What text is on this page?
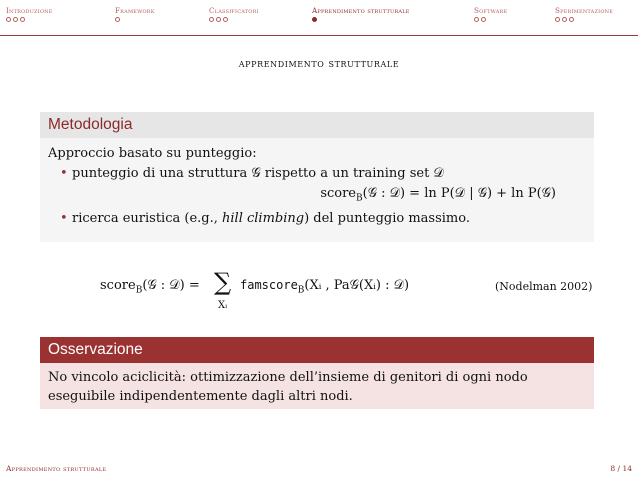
Introduzione	Framework	Classificatori	Apprendimento strutturale	Software	Sperimentazione
apprendimento strutturale
Metodologia
Approccio basato su punteggio:
• punteggio di una struttura 𝒢 rispetto a un training set 𝒟
score$_B$(𝒢 : 𝒟) = ln P(𝒟 | 𝒢) + ln P(𝒢)
• ricerca euristica (e.g., hill climbing) del punteggio massimo.
score$_B$(𝒢 : 𝒟) = ∑
Xᵢ
famscore$_B$(Xᵢ , Pa𝒢(Xᵢ) : 𝒟)	(Nodelman 2002)
Osservazione
No vincolo aciclicità: ottimizzazione dell’insieme di genitori di ogni nodo
eseguibile indipendentemente dagli altri nodi.
Apprendimento strutturale	8 / 14
